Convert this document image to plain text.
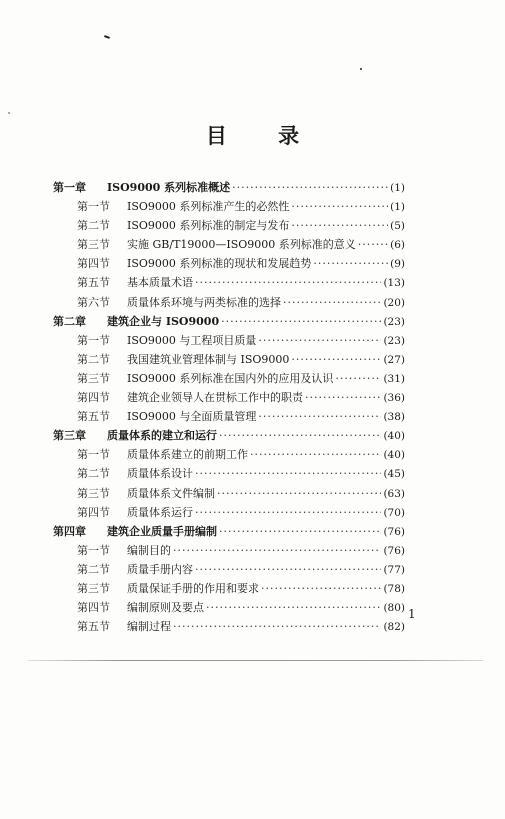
目 录
第一章	ISO9000 系列标准概述 ·····	(1)
第一节	ISO9000 系列标准产生的必然性 ·····	(1)
第二节	ISO9000 系列标准的制定与发布 ·····	(5)
第三节	实施 GB/T19000—ISO9000 系列标准的意义 ·····	(6)
第四节	ISO9000 系列标准的现状和发展趋势 ·····	(9)
第五节	基本质量术语 ·····	(13)
第六节	质量体系环境与两类标准的选择 ·····	(20)
第二章	建筑企业与 ISO9000 ·····	(23)
第一节	ISO9000 与工程项目质量 ·····	(23)
第二节	我国建筑业管理体制与 ISO9000 ·····	(27)
第三节	ISO9000 系列标准在国内外的应用及认识 ·····	(31)
第四节	建筑企业领导人在贯标工作中的职责 ·····	(36)
第五节	ISO9000 与全面质量管理 ·····	(38)
第三章	质量体系的建立和运行 ·····	(40)
第一节	质量体系建立的前期工作 ·····	(40)
第二节	质量体系设计 ·····	(45)
第三节	质量体系文件编制 ·····	(63)
第四节	质量体系运行 ·····	(70)
第四章	建筑企业质量手册编制 ·····	(76)
第一节	编制目的 ·····	(76)
第二节	质量手册内容 ·····	(77)
第三节	质量保证手册的作用和要求 ·····	(78)
第四节	编制原则及要点 ·····	(80)
第五节	编制过程 ·····	(82)
1
